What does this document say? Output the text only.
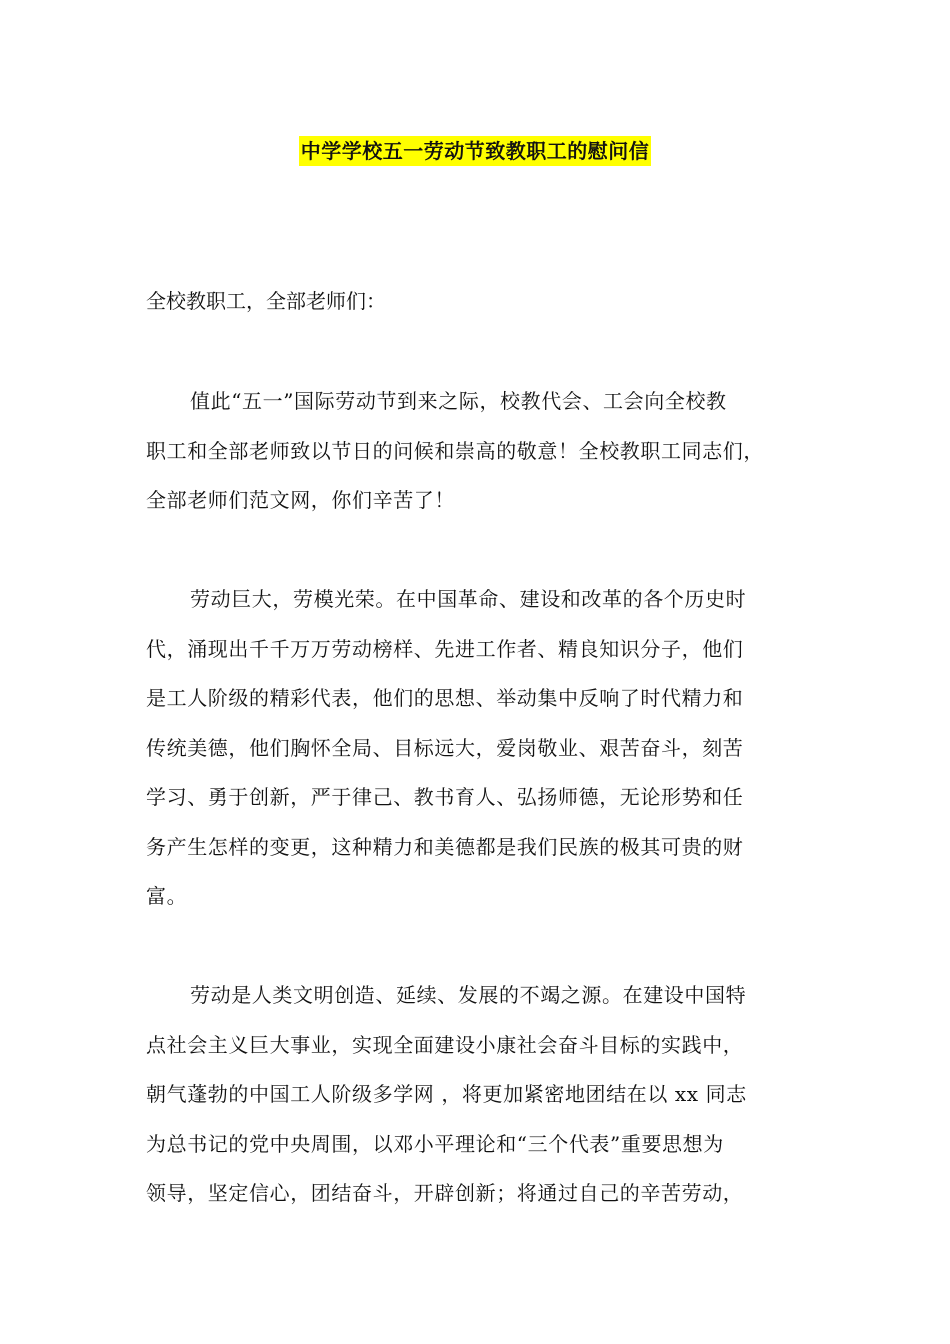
中学学校五一劳动节致教职工的慰问信
全校教职工，全部老师们：
值此“五一”国际劳动节到来之际，校教代会、工会向全校教
职工和全部老师致以节日的问候和崇高的敬意！全校教职工同志们，
全部老师们范文网，你们辛苦了！
劳动巨大，劳模光荣。在中国革命、建设和改革的各个历史时
代，涌现出千千万万劳动榜样、先进工作者、精良知识分子，他们
是工人阶级的精彩代表，他们的思想、举动集中反响了时代精力和
传统美德，他们胸怀全局、目标远大，爱岗敬业、艰苦奋斗，刻苦
学习、勇于创新，严于律己、教书育人、弘扬师德，无论形势和任
务产生怎样的变更，这种精力和美德都是我们民族的极其可贵的财
富。
劳动是人类文明创造、延续、发展的不竭之源。在建设中国特
点社会主义巨大事业，实现全面建设小康社会奋斗目标的实践中，
朝气蓬勃的中国工人阶级多学网 ，将更加紧密地团结在以 xx 同志
为总书记的党中央周围，以邓小平理论和“三个代表”重要思想为
领导，坚定信心，团结奋斗，开辟创新；将通过自己的辛苦劳动，
